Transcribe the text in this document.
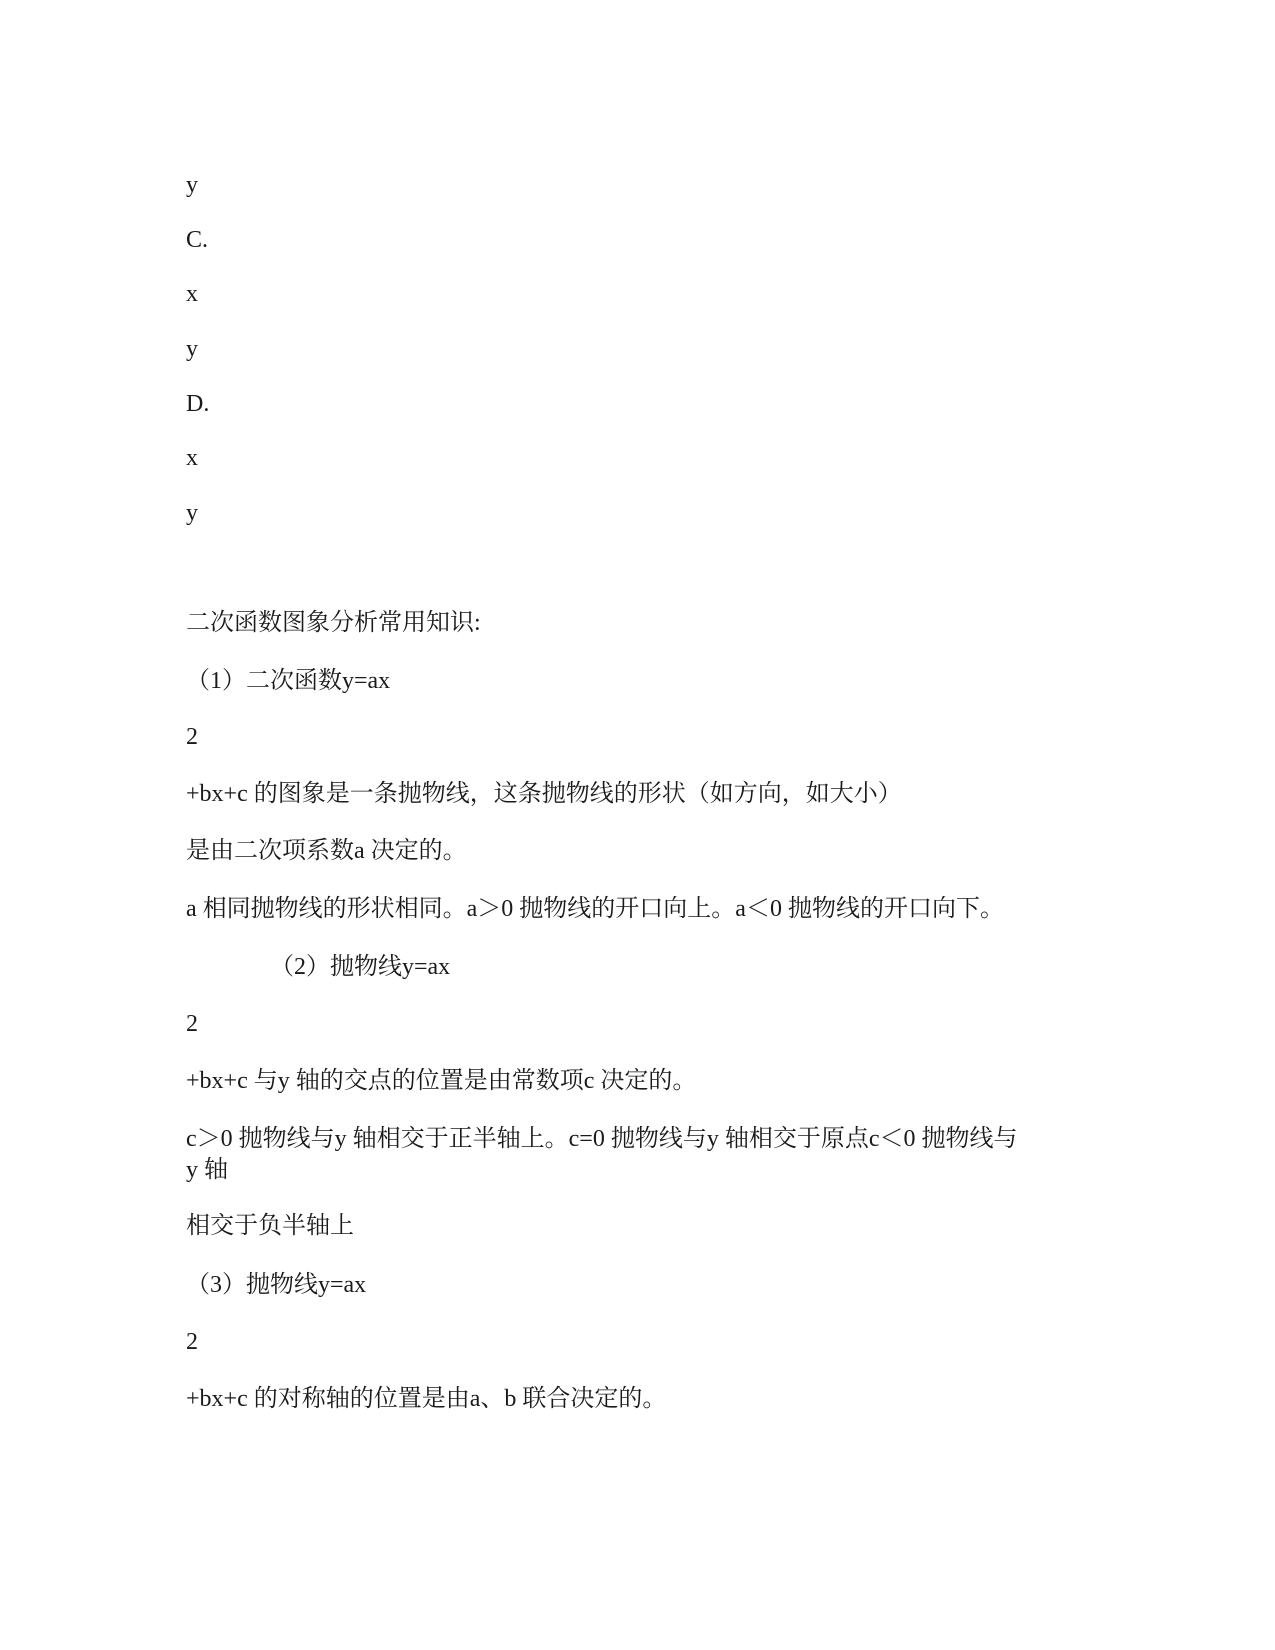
y

C.

x

y

D.

x

y

二次函数图象分析常用知识:

（1）二次函数y=ax

2

+bx+c 的图象是一条抛物线，这条抛物线的形状（如方向，如大小）

是由二次项系数a 决定的。

a 相同抛物线的形状相同。a＞0 抛物线的开口向上。a＜0 抛物线的开口向下。

（2）抛物线y=ax

2

+bx+c 与y 轴的交点的位置是由常数项c 决定的。

c＞0 抛物线与y 轴相交于正半轴上。c=0 抛物线与y 轴相交于原点c＜0 抛物线与

y 轴

相交于负半轴上

（3）抛物线y=ax

2

+bx+c 的对称轴的位置是由a、b 联合决定的。
